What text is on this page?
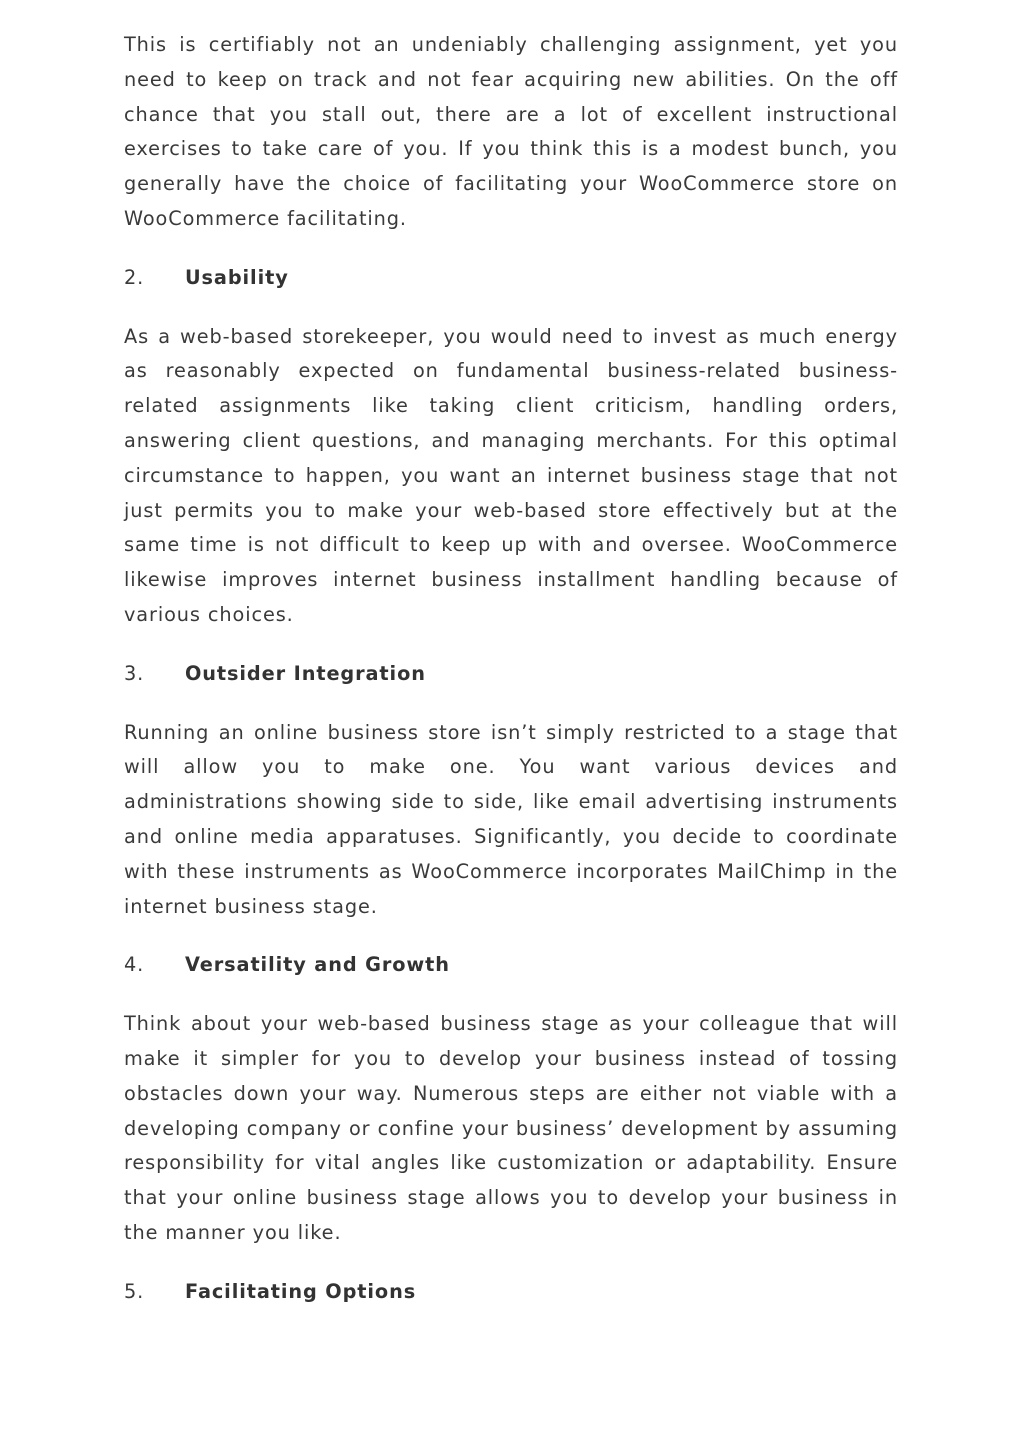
This is certifiably not an undeniably challenging assignment, yet you need to keep on track and not fear acquiring new abilities. On the off chance that you stall out, there are a lot of excellent instructional exercises to take care of you. If you think this is a modest bunch, you generally have the choice of facilitating your WooCommerce store on WooCommerce facilitating.

2.	Usability

As a web-based storekeeper, you would need to invest as much energy as reasonably expected on fundamental business-related business-related assignments like taking client criticism, handling orders, answering client questions, and managing merchants. For this optimal circumstance to happen, you want an internet business stage that not just permits you to make your web-based store effectively but at the same time is not difficult to keep up with and oversee. WooCommerce likewise improves internet business installment handling because of various choices.

3.	Outsider Integration

Running an online business store isn’t simply restricted to a stage that will allow you to make one. You want various devices and administrations showing side to side, like email advertising instruments and online media apparatuses. Significantly, you decide to coordinate with these instruments as WooCommerce incorporates MailChimp in the internet business stage.

4.	Versatility and Growth

Think about your web-based business stage as your colleague that will make it simpler for you to develop your business instead of tossing obstacles down your way. Numerous steps are either not viable with a developing company or confine your business’ development by assuming responsibility for vital angles like customization or adaptability. Ensure that your online business stage allows you to develop your business in the manner you like.

5.	Facilitating Options
